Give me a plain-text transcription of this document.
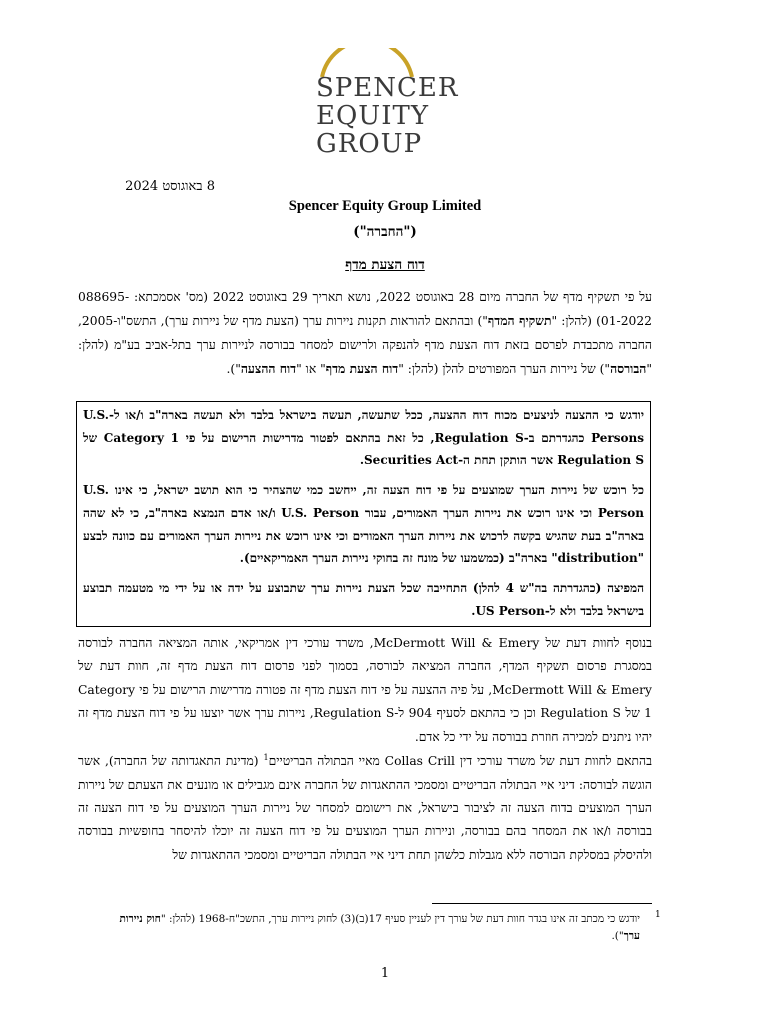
SPENCER
EQUITY
GROUP
8 באוגוסט 2024
Spencer Equity Group Limited
("החברה")
דוח הצעת מדף
על פי תשקיף מדף של החברה מיום 28 באוגוסט 2022, נושא תאריך 29 באוגוסט 2022 (מס' אסמכתא: 088695-01-2022) (להלן: "תשקיף המדף") ובהתאם להוראות תקנות ניירות ערך (הצעת מדף של ניירות ערך), התשס"ו-2005, החברה מתכבדת לפרסם בזאת דוח הצעת מדף להנפקה ולרישום למסחר בבורסה לניירות ערך בתל-אביב בע"מ (להלן: "הבורסה") של ניירות הערך המפורטים להלן (להלן: "דוח הצעת מדף" או "דוח ההצעה").

יודגש כי ההצעה לניצעים מכוח דוח ההצעה, ככל שתעשה, תעשה בישראל בלבד ולא תעשה בארה"ב ו/או ל-U.S. Persons כהגדרתם ב-Regulation S, כל זאת בהתאם לפטור מדרישות הרישום על פי Category 1 של Regulation S אשר הותקן תחת ה-Securities Act.

כל רוכש של ניירות הערך שמוצעים על פי דוח הצעה זה, ייחשב כמי שהצהיר כי הוא תושב ישראל, כי אינו U.S. Person וכי אינו רוכש את ניירות הערך האמורים, עבור U.S. Person ו/או אדם הנמצא בארה"ב, כי לא שהה בארה"ב בעת שהגיש בקשה לרכוש את ניירות הערך האמורים וכי אינו רוכש את ניירות הערך האמורים עם כוונה לבצע "distribution" בארה"ב (כמשמעו של מונח זה בחוקי ניירות הערך האמריקאיים).

המפיצה (כהגדרתה בה"ש 4 להלן) התחייבה שכל הצעת ניירות ערך שתבוצע על ידה או על ידי מי מטעמה תבוצע בישראל בלבד ולא ל-US Person.

בנוסף לחוות דעת של McDermott Will & Emery, משרד עורכי דין אמריקאי, אותה המציאה החברה לבורסה במסגרת פרסום תשקיף המדף, החברה המציאה לבורסה, בסמוך לפני פרסום דוח הצעת מדף זה, חוות דעת של McDermott Will & Emery, על פיה ההצעה על פי דוח הצעת מדף זה פטורה מדרישות הרישום על פי Category 1 של Regulation S וכן כי בהתאם לסעיף 904 ל-Regulation S, ניירות ערך אשר יוצעו על פי דוח הצעת מדף זה יהיו ניתנים למכירה חוזרת בבורסה על ידי כל אדם.
בהתאם לחוות דעת של משרד עורכי דין Collas Crill מאיי הבתולה הבריטיים$^1$ (מדינת התאגדותה של החברה), אשר הוגשה לבורסה: דיני איי הבתולה הבריטיים ומסמכי ההתאגדות של החברה אינם מגבילים או מונעים את הצעתם של ניירות הערך המוצעים בדוח הצעה זה לציבור בישראל, את רישומם למסחר של ניירות הערך המוצעים על פי דוח הצעה זה בבורסה ו/או את המסחר בהם בבורסה, וניירות הערך המוצעים על פי דוח הצעה זה יוכלו להיסחר בחופשיות בבורסה ולהיסלק במסלקת הבורסה ללא מגבלות כלשהן תחת דיני איי הבתולה הבריטיים ומסמכי ההתאגדות של
1
יודגש כי מכתב זה אינו בגדר חוות דעת של עורך דין לעניין סעיף 17(ב)(3) לחוק ניירות ערך, התשכ"ח-1968 (להלן: "חוק ניירות ערך").
1
